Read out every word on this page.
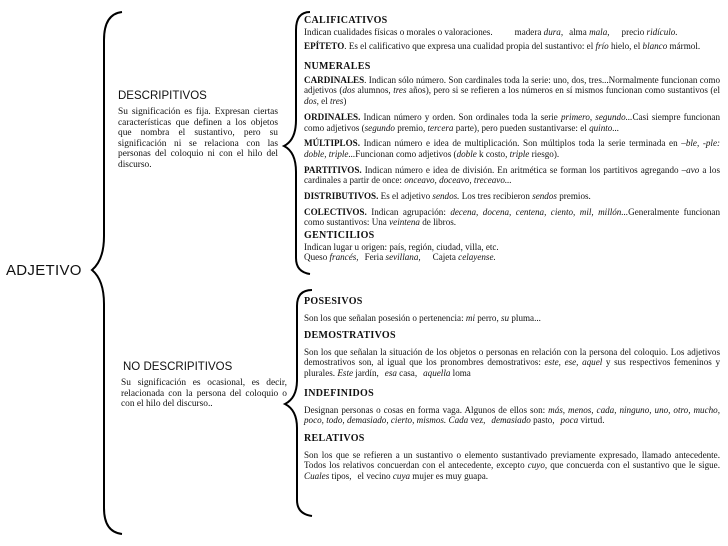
ADJETIVO
DESCRIPITIVOS
Su significación es fija. Expresan ciertas características que definen a los objetos que nombra el sustantivo, pero su significación ni se relaciona con las personas del coloquio ni con el hilo del discurso.
NO DESCRIPITIVOS
Su significación es ocasional, es decir, relacionada con la persona del coloquio o con el hilo del discurso..
CALIFICATIVOS
Indican cualidades físicas o morales o valoraciones. madera dura, alma mala, precio ridículo.
EPÍTETO. Es el calificativo que expresa una cualidad propia del sustantivo: el frío hielo, el blanco mármol.
NUMERALES
CARDINALES. Indican sólo número. Son cardinales toda la serie: uno, dos, tres...Normalmente funcionan como adjetivos (dos alumnos, tres años), pero si se refieren a los números en sí mismos funcionan como sustantivos (el dos, el tres)
ORDINALES. Indican número y orden. Son ordinales toda la serie primero, segundo...Casi siempre funcionan como adjetivos (segundo premio, tercera parte), pero pueden sustantivarse: el quinto...
MÚLTIPLOS. Indican número e idea de multiplicación. Son múltiplos toda la serie terminada en –ble, -ple: doble, triple...Funcionan como adjetivos (doble k costo, triple riesgo).
PARTITIVOS. Indican número e idea de división. En aritmética se forman los partitivos agregando –avo a los cardinales a partir de once: onceavo, doceavo, treceavo...
DISTRIBUTIVOS. Es el adjetivo sendos. Los tres recibieron sendos premios.
COLECTIVOS. Indican agrupación: decena, docena, centena, ciento, mil, millón...Generalmente funcionan como sustantivos: Una veintena de libros.
GENTICILIOS
Indican lugar u origen: país, región, ciudad, villa, etc.
Queso francés, Feria sevillana, Cajeta celayense.
POSESIVOS
Son los que señalan posesión o pertenencia: mi perro, su pluma...
DEMOSTRATIVOS
Son los que señalan la situación de los objetos o personas en relación con la persona del coloquio. Los adjetivos demostrativos son, al igual que los pronombres demostrativos: este, ese, aquel y sus respectivos femeninos y plurales. Este jardín, esa casa, aquella loma
INDEFINIDOS
Designan personas o cosas en forma vaga. Algunos de ellos son: más, menos, cada, ninguno, uno, otro, mucho, poco, todo, demasiado, cierto, mismos. Cada vez, demasiado pasto, poca virtud.
RELATIVOS
Son los que se refieren a un sustantivo o elemento sustantivado previamente expresado, llamado antecedente. Todos los relativos concuerdan con el antecedente, excepto cuyo, que concuerda con el sustantivo que le sigue. Cuales tipos, el vecino cuya mujer es muy guapa.
